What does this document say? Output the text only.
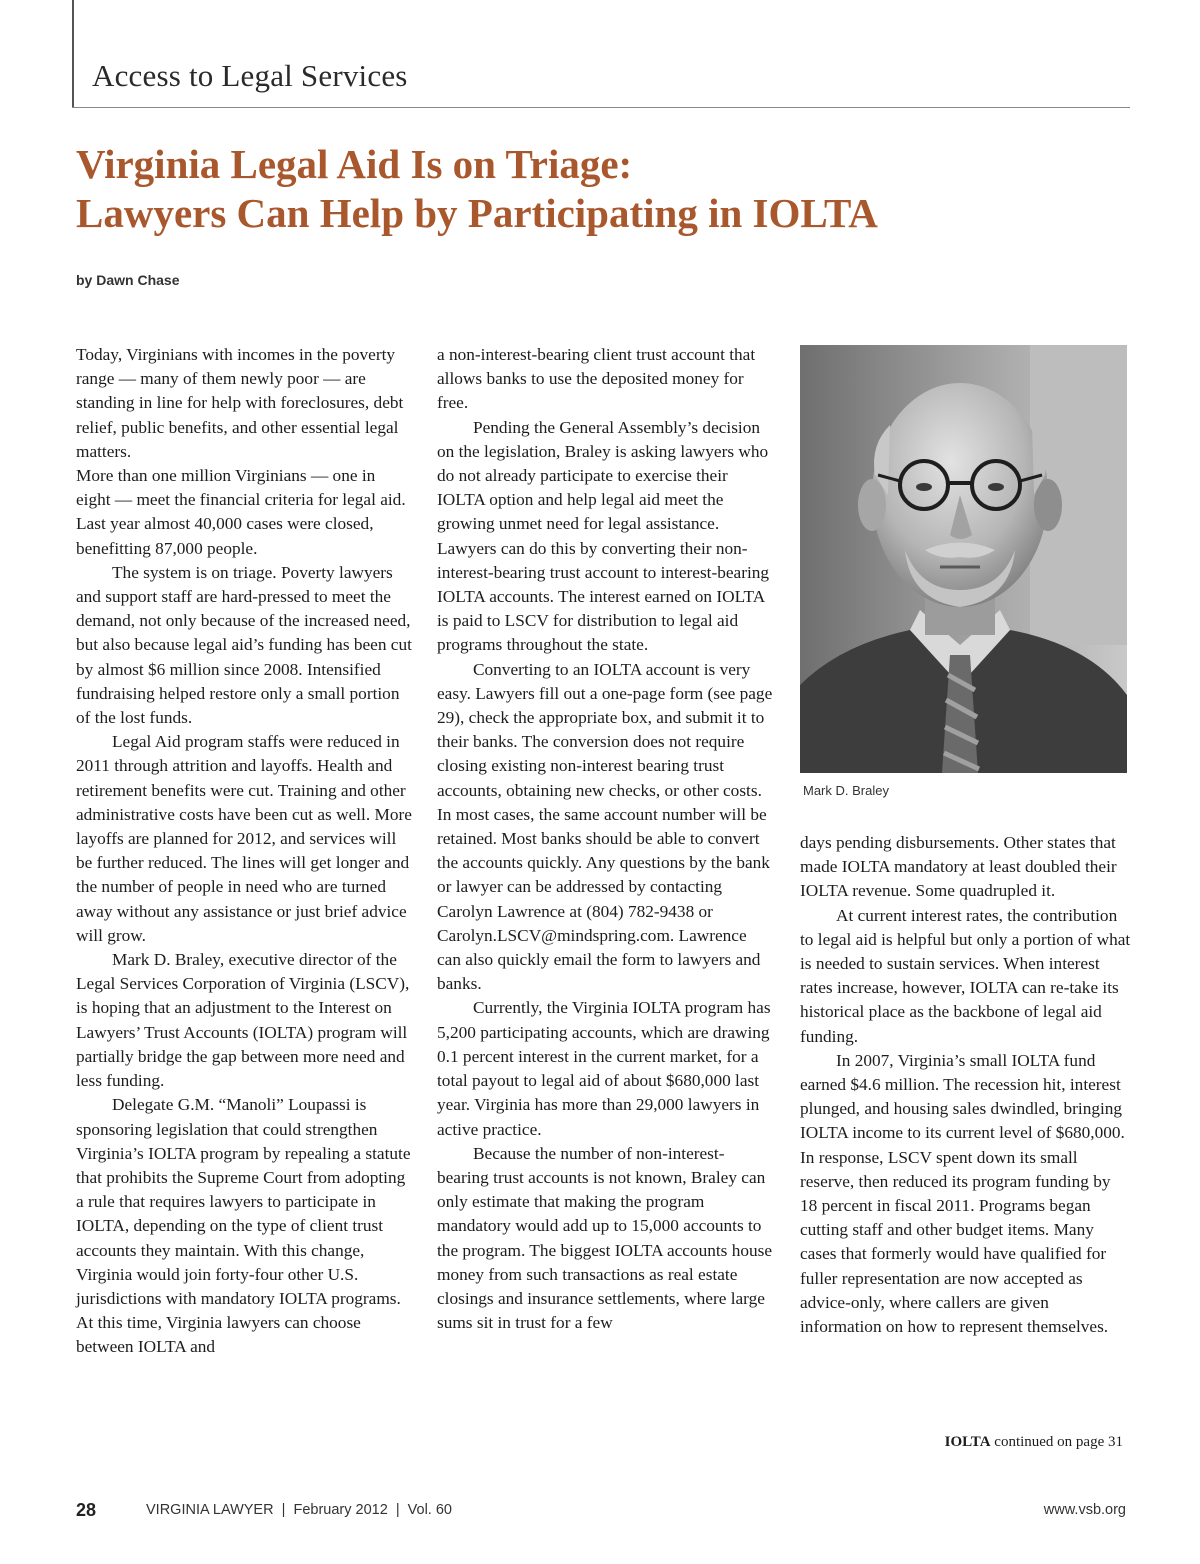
Access to Legal Services
Virginia Legal Aid Is on Triage:
Lawyers Can Help by Participating in IOLTA
by Dawn Chase

Today, Virginians with incomes in the poverty range — many of them newly poor — are standing in line for help with foreclosures, debt relief, public benefits, and other essential legal matters.

More than one million Virginians — one in eight — meet the financial criteria for legal aid. Last year almost 40,000 cases were closed, benefitting 87,000 people.

The system is on triage. Poverty lawyers and support staff are hard-pressed to meet the demand, not only because of the increased need, but also because legal aid’s funding has been cut by almost $6 million since 2008. Intensified fundraising helped restore only a small portion of the lost funds.

Legal Aid program staffs were reduced in 2011 through attrition and layoffs. Health and retirement benefits were cut. Training and other administrative costs have been cut as well. More layoffs are planned for 2012, and services will be further reduced. The lines will get longer and the number of people in need who are turned away without any assistance or just brief advice will grow.

Mark D. Braley, executive director of the Legal Services Corporation of Virginia (LSCV), is hoping that an adjustment to the Interest on Lawyers’ Trust Accounts (IOLTA) program will partially bridge the gap between more need and less funding.

Delegate G.M. “Manoli” Loupassi is sponsoring legislation that could strengthen Virginia’s IOLTA program by repealing a statute that prohibits the Supreme Court from adopting a rule that requires lawyers to participate in IOLTA, depending on the type of client trust accounts they maintain. With this change, Virginia would join forty-four other U.S. jurisdictions with mandatory IOLTA programs. At this time, Virginia lawyers can choose between IOLTA and

a non-interest-bearing client trust account that allows banks to use the deposited money for free.

Pending the General Assembly’s decision on the legislation, Braley is asking lawyers who do not already participate to exercise their IOLTA option and help legal aid meet the growing unmet need for legal assistance. Lawyers can do this by converting their non-interest-bearing trust account to interest-bearing IOLTA accounts. The interest earned on IOLTA is paid to LSCV for distribution to legal aid programs throughout the state.

Converting to an IOLTA account is very easy. Lawyers fill out a one-page form (see page 29), check the appropriate box, and submit it to their banks. The conversion does not require closing existing non-interest bearing trust accounts, obtaining new checks, or other costs. In most cases, the same account number will be retained. Most banks should be able to convert the accounts quickly. Any questions by the bank or lawyer can be addressed by contacting Carolyn Lawrence at (804) 782-9438 or Carolyn.LSCV@mindspring.com. Lawrence can also quickly email the form to lawyers and banks.

Currently, the Virginia IOLTA program has 5,200 participating accounts, which are drawing 0.1 percent interest in the current market, for a total payout to legal aid of about $680,000 last year. Virginia has more than 29,000 lawyers in active practice.

Because the number of non-interest-bearing trust accounts is not known, Braley can only estimate that making the program mandatory would add up to 15,000 accounts to the program. The biggest IOLTA accounts house money from such transactions as real estate closings and insurance settlements, where large sums sit in trust for a few

Mark D. Braley

days pending disbursements. Other states that made IOLTA mandatory at least doubled their IOLTA revenue. Some quadrupled it.

At current interest rates, the contribution to legal aid is helpful but only a portion of what is needed to sustain services. When interest rates increase, however, IOLTA can re-take its historical place as the backbone of legal aid funding.

In 2007, Virginia’s small IOLTA fund earned $4.6 million. The recession hit, interest plunged, and housing sales dwindled, bringing IOLTA income to its current level of $680,000. In response, LSCV spent down its small reserve, then reduced its program funding by 18 percent in fiscal 2011. Programs began cutting staff and other budget items. Many cases that formerly would have qualified for fuller representation are now accepted as advice-only, where callers are given information on how to represent themselves.

IOLTA continued on page 31
28	VIRGINIA LAWYER  |  February 2012  |  Vol. 60	www.vsb.org
